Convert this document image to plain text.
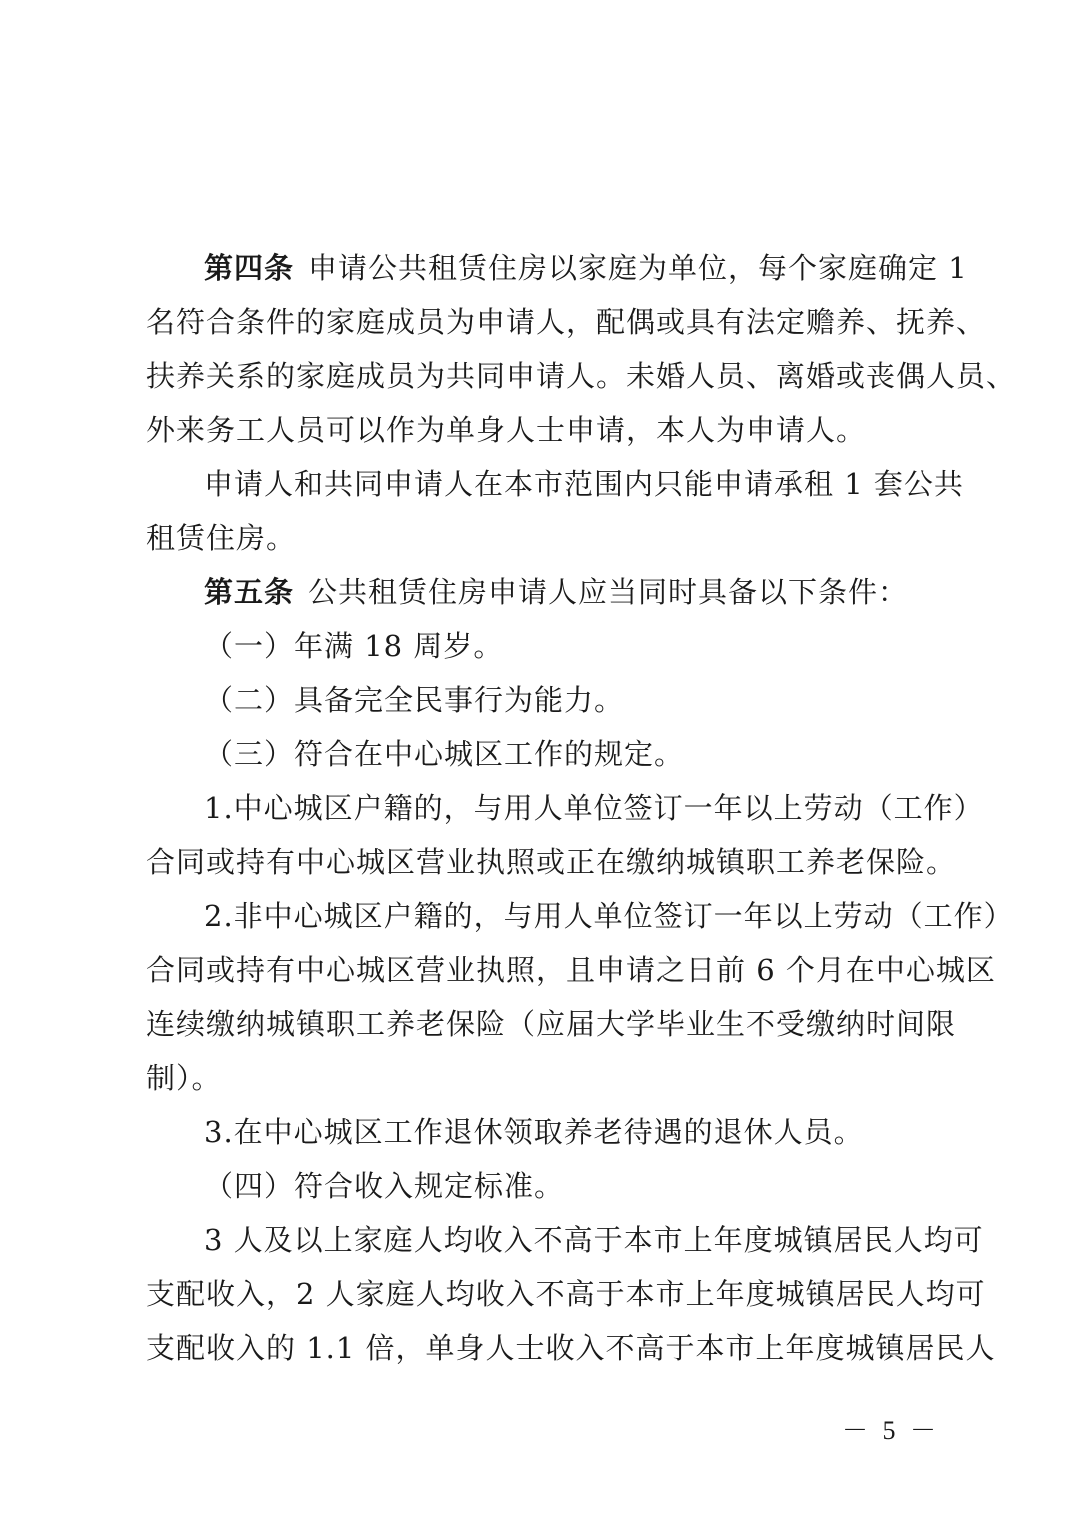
第四条 申请公共租赁住房以家庭为单位，每个家庭确定 1
名符合条件的家庭成员为申请人，配偶或具有法定赡养、抚养、
扶养关系的家庭成员为共同申请人。未婚人员、离婚或丧偶人员、
外来务工人员可以作为单身人士申请，本人为申请人。
申请人和共同申请人在本市范围内只能申请承租 1 套公共
租赁住房。
第五条 公共租赁住房申请人应当同时具备以下条件：
（一）年满 18 周岁。
（二）具备完全民事行为能力。
（三）符合在中心城区工作的规定。
1.中心城区户籍的，与用人单位签订一年以上劳动（工作）
合同或持有中心城区营业执照或正在缴纳城镇职工养老保险。
2.非中心城区户籍的，与用人单位签订一年以上劳动（工作）
合同或持有中心城区营业执照，且申请之日前 6 个月在中心城区
连续缴纳城镇职工养老保险（应届大学毕业生不受缴纳时间限
制）。
3.在中心城区工作退休领取养老待遇的退休人员。
（四）符合收入规定标准。
3 人及以上家庭人均收入不高于本市上年度城镇居民人均可
支配收入，2 人家庭人均收入不高于本市上年度城镇居民人均可
支配收入的 1.1 倍，单身人士收入不高于本市上年度城镇居民人
－ 5 －
